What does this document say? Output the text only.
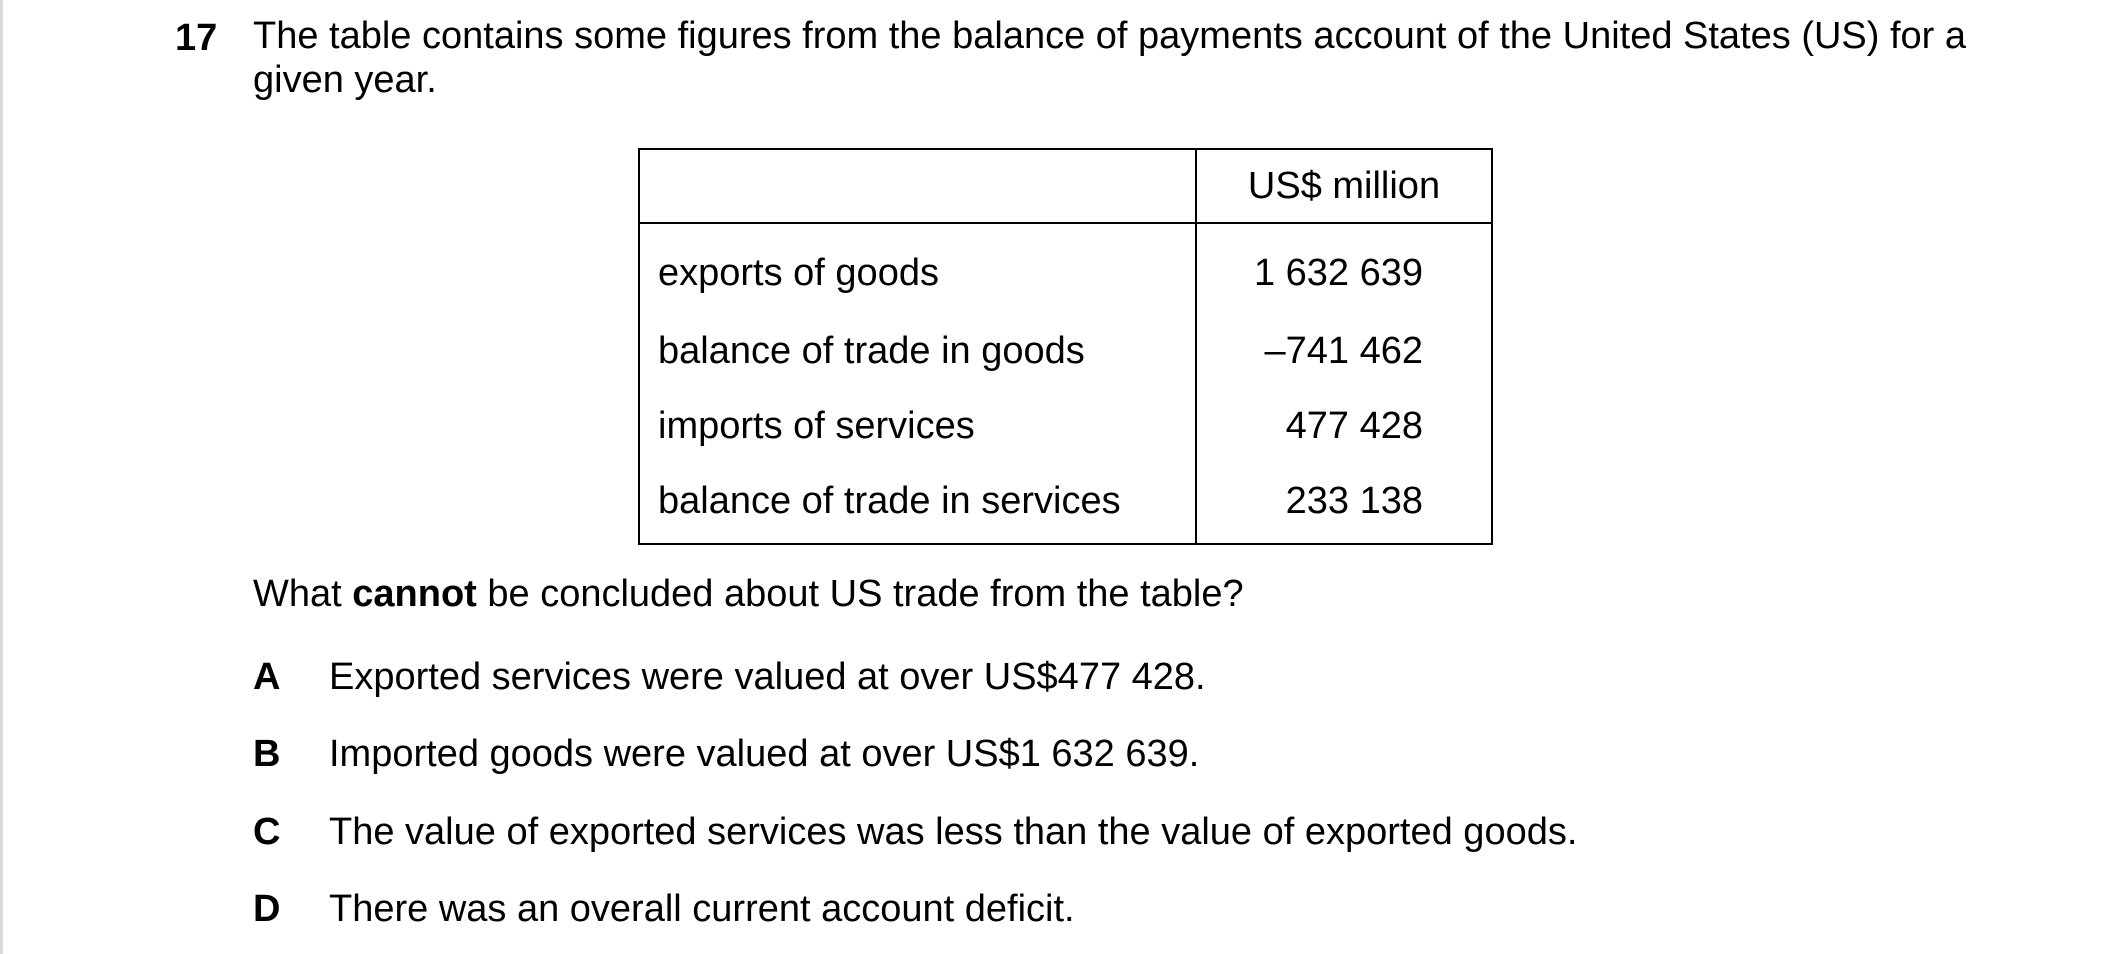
17 The table contains some figures from the balance of payments account of the United States (US) for a given year.
	US$ million
exports of goods	1 632 639
balance of trade in goods	–741 462
imports of services	477 428
balance of trade in services	233 138
What cannot be concluded about US trade from the table?
A Exported services were valued at over US$477 428.
B Imported goods were valued at over US$1 632 639.
C The value of exported services was less than the value of exported goods.
D There was an overall current account deficit.
